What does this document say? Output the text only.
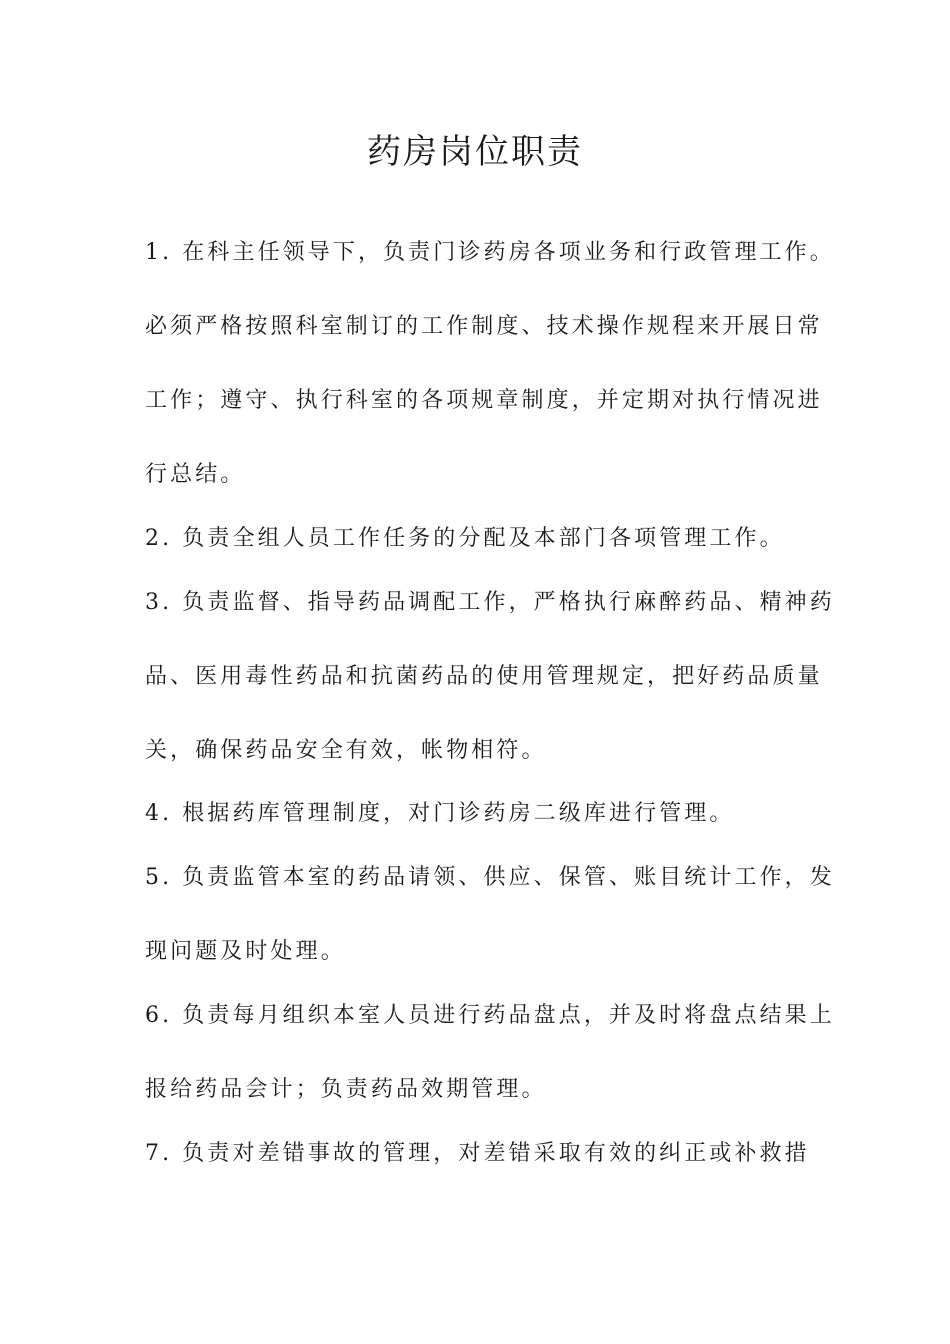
药房岗位职责

1. 在科主任领导下，负责门诊药房各项业务和行政管理工作。

必须严格按照科室制订的工作制度、技术操作规程来开展日常

工作；遵守、执行科室的各项规章制度，并定期对执行情况进

行总结。

2. 负责全组人员工作任务的分配及本部门各项管理工作。

3. 负责监督、指导药品调配工作，严格执行麻醉药品、精神药

品、医用毒性药品和抗菌药品的使用管理规定，把好药品质量

关，确保药品安全有效，帐物相符。

4. 根据药库管理制度，对门诊药房二级库进行管理。

5. 负责监管本室的药品请领、供应、保管、账目统计工作，发

现问题及时处理。

6. 负责每月组织本室人员进行药品盘点，并及时将盘点结果上

报给药品会计；负责药品效期管理。

7. 负责对差错事故的管理，对差错采取有效的纠正或补救措
